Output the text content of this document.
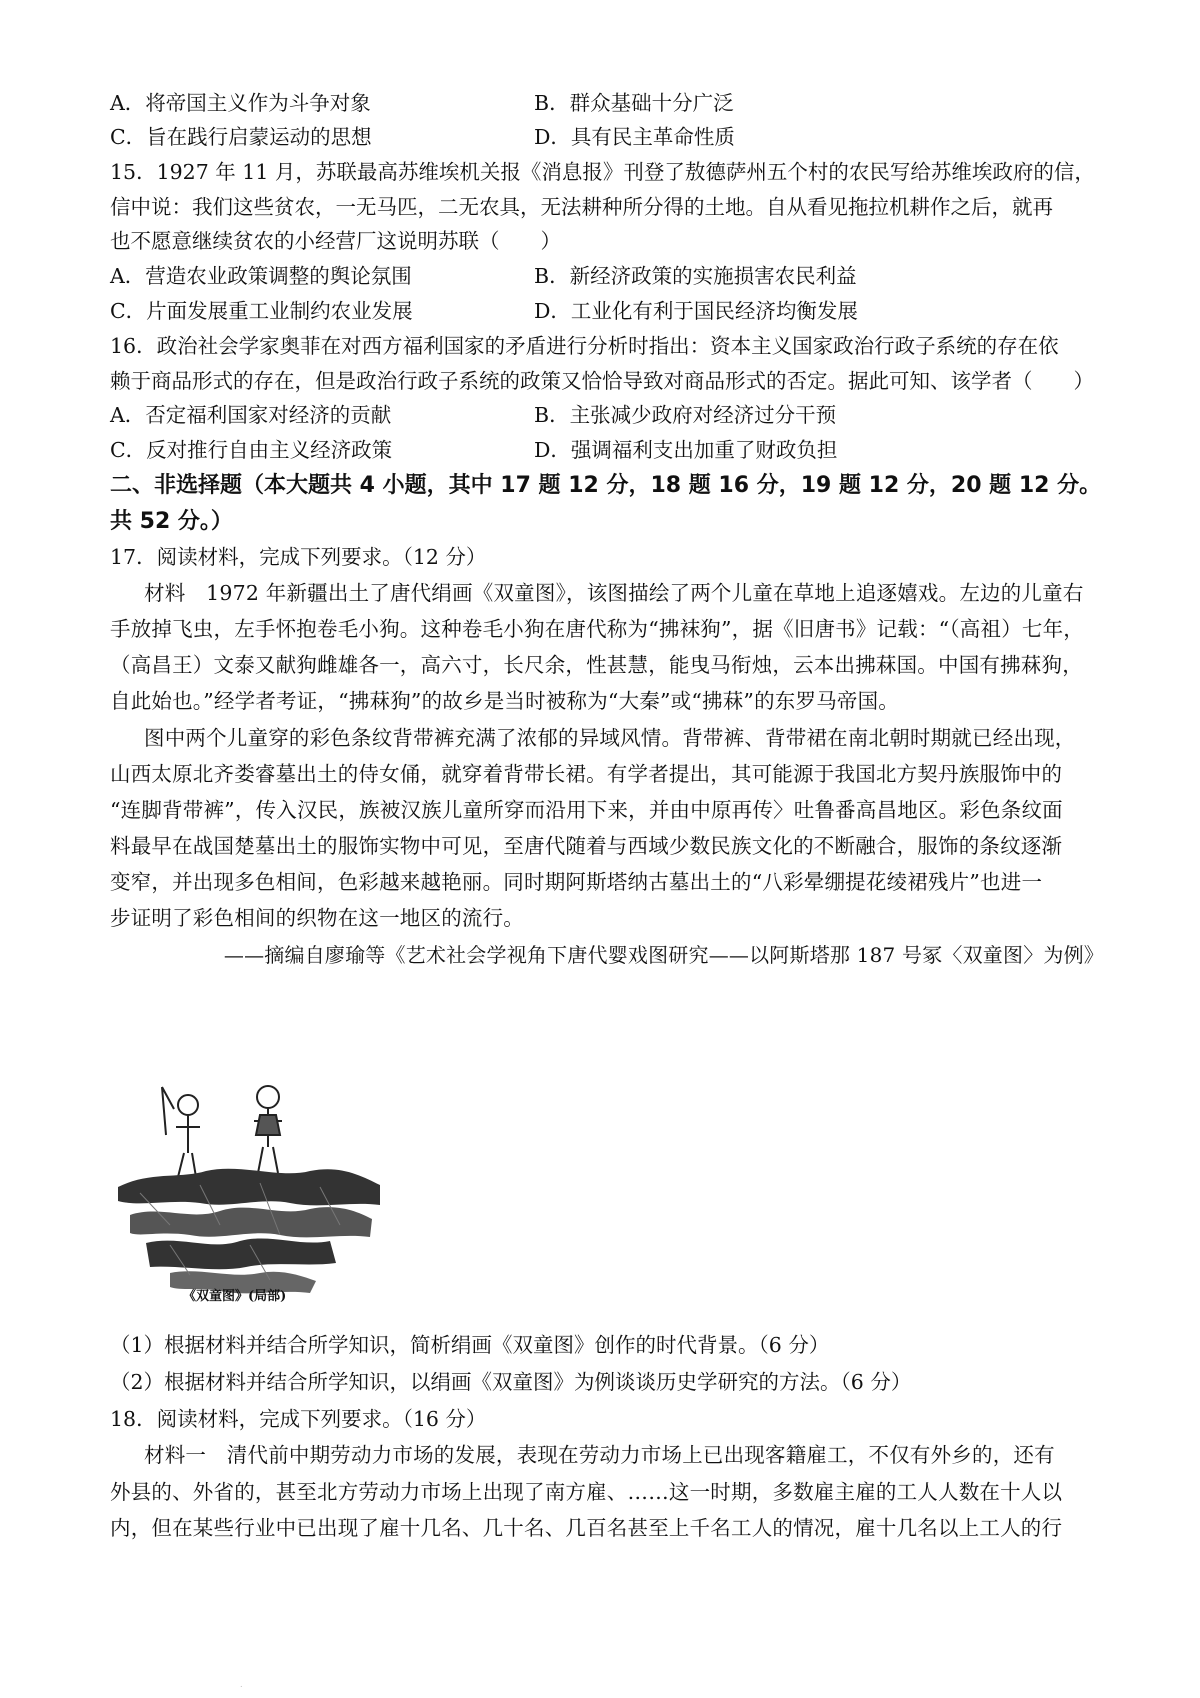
A．将帝国主义作为斗争对象	B．群众基础十分广泛
C．旨在践行启蒙运动的思想	D．具有民主革命性质
15．1927 年 11 月，苏联最高苏维埃机关报《消息报》刊登了敖德萨州五个村的农民写给苏维埃政府的信，
信中说：我们这些贫农，一无马匹，二无农具，无法耕种所分得的土地。自从看见拖拉机耕作之后，就再
也不愿意继续贫农的小经营厂这说明苏联（　　）
A．营造农业政策调整的舆论氛围	B．新经济政策的实施损害农民利益
C．片面发展重工业制约农业发展	D．工业化有利于国民经济均衡发展
16．政治社会学家奥菲在对西方福利国家的矛盾进行分析时指出：资本主义国家政治行政子系统的存在依
赖于商品形式的存在，但是政治行政子系统的政策又恰恰导致对商品形式的否定。据此可知、该学者（　　）
A．否定福利国家对经济的贡献	B．主张减少政府对经济过分干预
C．反对推行自由主义经济政策	D．强调福利支出加重了财政负担
二、非选择题（本大题共 4 小题，其中 17 题 12 分，18 题 16 分，19 题 12 分，20 题 12 分。
共 52 分。）
17．阅读材料，完成下列要求。（12 分）
材料　1972 年新疆出土了唐代绢画《双童图》，该图描绘了两个儿童在草地上追逐嬉戏。左边的儿童右
手放掉飞虫，左手怀抱卷毛小狗。这种卷毛小狗在唐代称为“拂袜狗”，据《旧唐书》记载：“（高祖）七年，
（高昌王）文泰又献狗雌雄各一，高六寸，长尺余，性甚慧，能曳马衔烛，云本出拂菻国。中国有拂菻狗，
自此始也。”经学者考证，“拂菻狗”的故乡是当时被称为“大秦”或“拂菻”的东罗马帝国。
图中两个儿童穿的彩色条纹背带裤充满了浓郁的异域风情。背带裤、背带裙在南北朝时期就已经出现，
山西太原北齐娄睿墓出土的侍女俑，就穿着背带长裙。有学者提出，其可能源于我国北方契丹族服饰中的
“连脚背带裤”，传入汉民，族被汉族儿童所穿而沿用下来，并由中原再传〉吐鲁番高昌地区。彩色条纹面
料最早在战国楚墓出土的服饰实物中可见，至唐代随着与西域少数民族文化的不断融合，服饰的条纹逐渐
变窄，并出现多色相间，色彩越来越艳丽。同时期阿斯塔纳古墓出土的“八彩晕绷提花绫裙残片”也进一
步证明了彩色相间的织物在这一地区的流行。
——摘编自廖瑜等《艺术社会学视角下唐代婴戏图研究——以阿斯塔那 187 号冢〈双童图〉为例》
《双童图》(局部)
（1）根据材料并结合所学知识，简析绢画《双童图》创作的时代背景。（6 分）
（2）根据材料并结合所学知识，以绢画《双童图》为例谈谈历史学研究的方法。（6 分）
18．阅读材料，完成下列要求。（16 分）
材料一　清代前中期劳动力市场的发展，表现在劳动力市场上已出现客籍雇工，不仅有外乡的，还有
外县的、外省的，甚至北方劳动力市场上出现了南方雇、……这一时期，多数雇主雇的工人人数在十人以
内，但在某些行业中已出现了雇十几名、几十名、几百名甚至上千名工人的情况，雇十几名以上工人的行
.
